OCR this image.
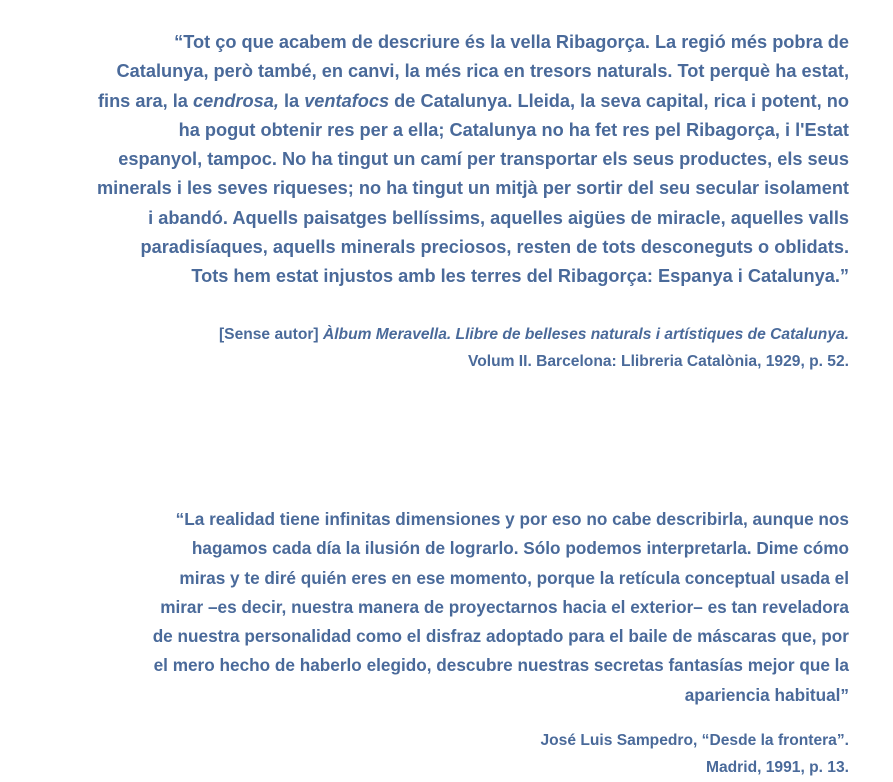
“Tot ço que acabem de descriure és la vella Ribagorça. La regió més pobra de
Catalunya, però també, en canvi, la més rica en tresors naturals. Tot perquè ha estat,
fins ara, la cendrosa, la ventafocs de Catalunya. Lleida, la seva capital, rica i potent, no
ha pogut obtenir res per a ella; Catalunya no ha fet res pel Ribagorça, i l'Estat
espanyol, tampoc. No ha tingut un camí per transportar els seus productes, els seus
minerals i les seves riqueses; no ha tingut un mitjà per sortir del seu secular isolament
i abandó. Aquells paisatges bellíssims, aquelles aigües de miracle, aquelles valls
paradisíaques, aquells minerals preciosos, resten de tots desconeguts o oblidats.
Tots hem estat injustos amb les terres del Ribagorça: Espanya i Catalunya.”
[Sense autor] Àlbum Meravella. Llibre de belleses naturals i artístiques de Catalunya.
Volum II. Barcelona: Llibreria Catalònia, 1929, p. 52.
“La realidad tiene infinitas dimensiones y por eso no cabe describirla, aunque nos
hagamos cada día la ilusión de lograrlo. Sólo podemos interpretarla. Dime cómo
miras y te diré quién eres en ese momento, porque la retícula conceptual usada el
mirar –es decir, nuestra manera de proyectarnos hacia el exterior– es tan reveladora
de nuestra personalidad como el disfraz adoptado para el baile de máscaras que, por
el mero hecho de haberlo elegido, descubre nuestras secretas fantasías mejor que la
apariencia habitual”
José Luis Sampedro, “Desde la frontera”.
Madrid, 1991, p. 13.
